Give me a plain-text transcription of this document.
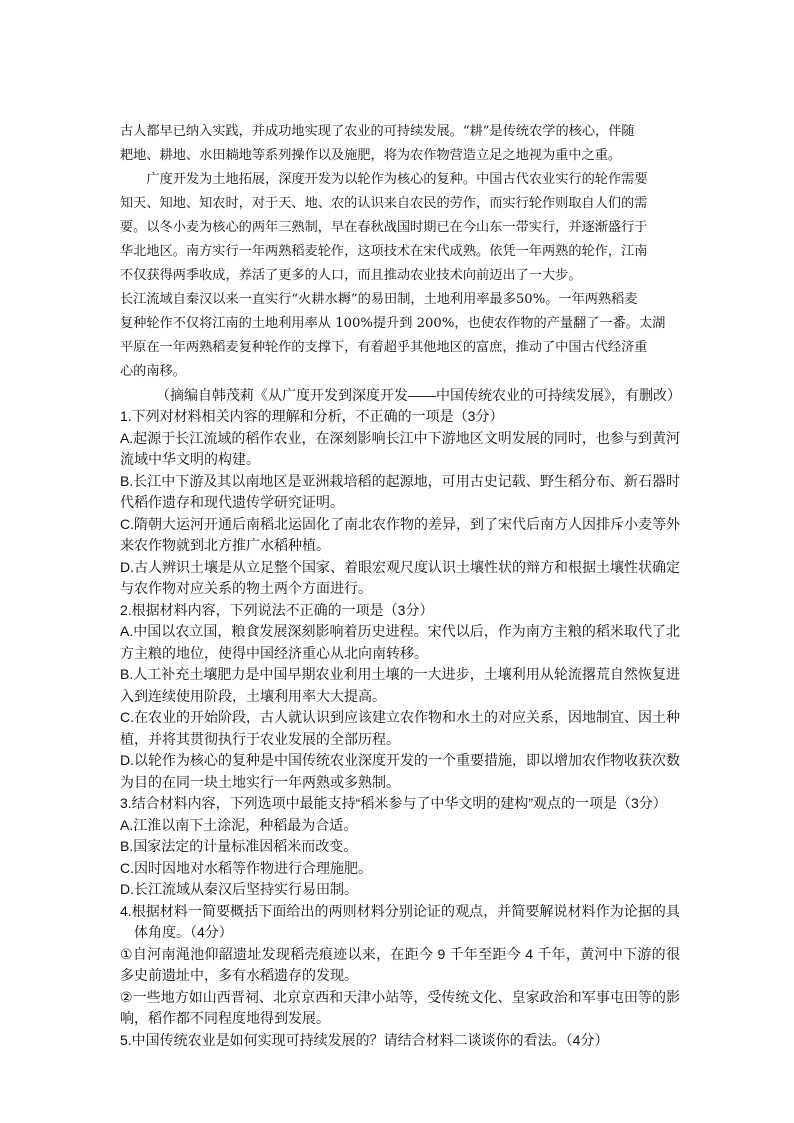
古人都早已纳入实践，并成功地实现了农业的可持续发展。“耕”是传统农学的核心，伴随

耙地、耕地、水田耥地等系列操作以及施肥，将为农作物营造立足之地视为重中之重。

广度开发为土地拓展，深度开发为以轮作为核心的复种。中国古代农业实行的轮作需要

知天、知地、知农时，对于天、地、农的认识来自农民的劳作，而实行轮作则取自人们的需

要。以冬小麦为核心的两年三熟制，早在春秋战国时期已在今山东一带实行，并逐渐盛行于

华北地区。南方实行一年两熟稻麦轮作，这项技术在宋代成熟。依凭一年两熟的轮作，江南

不仅获得两季收成，养活了更多的人口，而且推动农业技术向前迈出了一大步。

长江流域自秦汉以来一直实行“火耕水耨”的易田制，土地利用率最多50%。一年两熟稻麦

复种轮作不仅将江南的土地利用率从 100%提升到 200%，也使农作物的产量翻了一番。太湖

平原在一年两熟稻麦复种轮作的支撑下，有着超乎其他地区的富庶，推动了中国古代经济重

心的南移。

（摘编自韩茂莉《从广度开发到深度开发——中国传统农业的可持续发展》，有删改）

1.下列对材料相关内容的理解和分析，不正确的一项是（3分）

A.起源于长江流域的稻作农业，在深刻影响长江中下游地区文明发展的同时，也参与到黄河流域中华文明的构建。

B.长江中下游及其以南地区是亚洲栽培稻的起源地，可用古史记载、野生稻分布、新石器时代稻作遗存和现代遗传学研究证明。

C.隋朝大运河开通后南稻北运固化了南北农作物的差异，到了宋代后南方人因排斥小麦等外来农作物就到北方推广水稻种植。

D.古人辨识土壤是从立足整个国家、着眼宏观尺度认识土壤性状的辩方和根据土壤性状确定与农作物对应关系的物土两个方面进行。

2.根据材料内容，下列说法不正确的一项是（3分）

A.中国以农立国，粮食发展深刻影响着历史进程。宋代以后，作为南方主粮的稻米取代了北方主粮的地位，使得中国经济重心从北向南转移。

B.人工补充土壤肥力是中国早期农业利用土壤的一大进步，土壤利用从轮流撂荒自然恢复进入到连续使用阶段，土壤利用率大大提高。

C.在农业的开始阶段，古人就认识到应该建立农作物和水土的对应关系，因地制宜、因土种植，并将其贯彻执行于农业发展的全部历程。

D.以轮作为核心的复种是中国传统农业深度开发的一个重要措施，即以增加农作物收获次数为目的在同一块土地实行一年两熟或多熟制。

3.结合材料内容，下列选项中最能支持“稻米参与了中华文明的建构”观点的一项是（3分）

A.江淮以南下土涂泥，种稻最为合适。

B.国家法定的计量标准因稻米而改变。

C.因时因地对水稻等作物进行合理施肥。

D.长江流域从秦汉后坚持实行易田制。

4.根据材料一简要概括下面给出的两则材料分别论证的观点，并简要解说材料作为论据的具体角度。（4分）

①自河南渑池仰韶遗址发现稻壳痕迹以来，在距今 9 千年至距今 4 千年，黄河中下游的很多史前遗址中，多有水稻遗存的发现。

②一些地方如山西晋祠、北京京西和天津小站等，受传统文化、皇家政治和军事屯田等的影响，稻作都不同程度地得到发展。

5.中国传统农业是如何实现可持续发展的？请结合材料二谈谈你的看法。（4分）
